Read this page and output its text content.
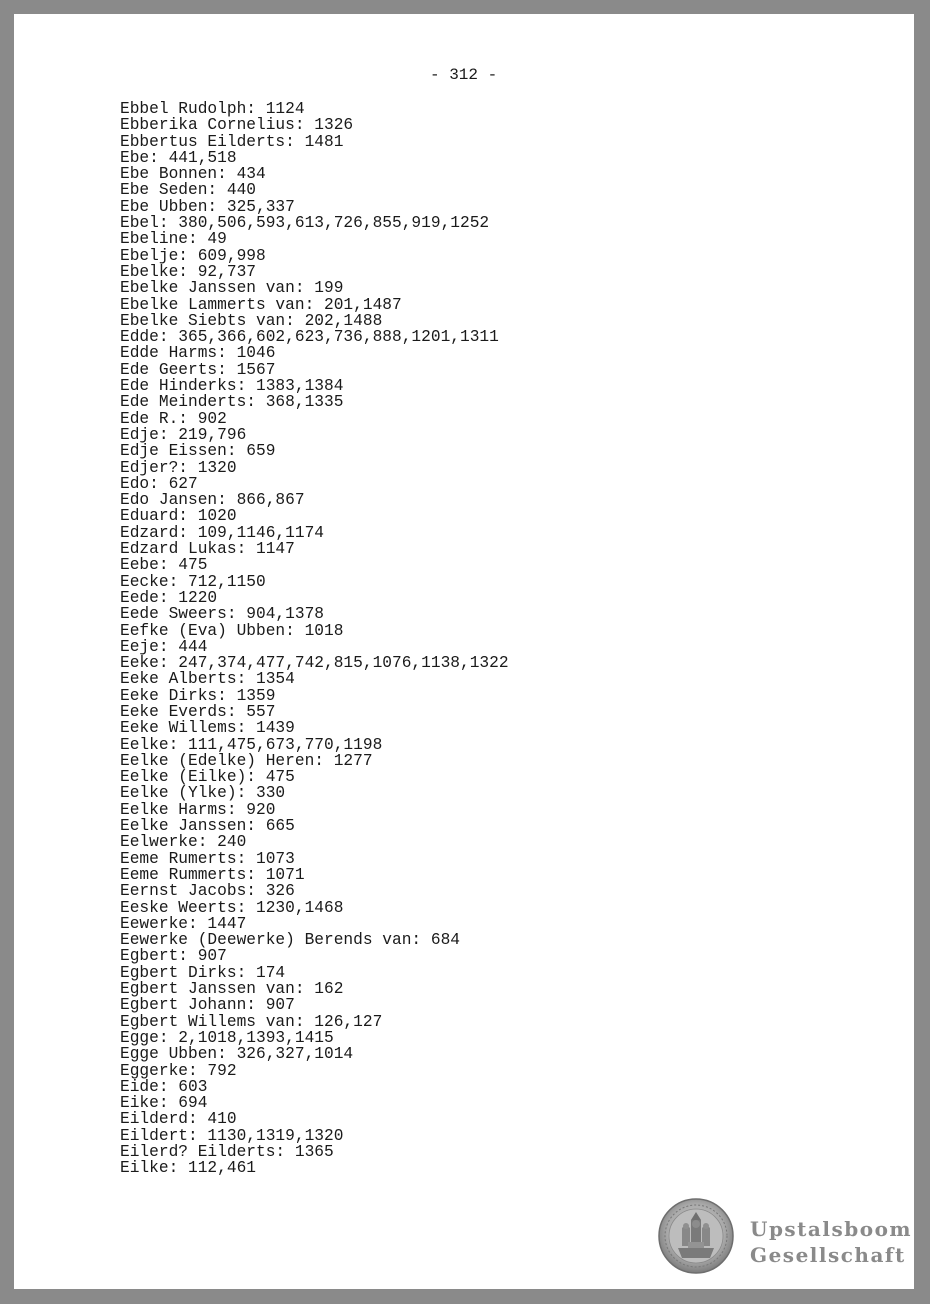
- 312 -
Ebbel Rudolph: 1124
Ebberika Cornelius: 1326
Ebbertus Eilderts: 1481
Ebe: 441,518
Ebe Bonnen: 434
Ebe Seden: 440
Ebe Ubben: 325,337
Ebel: 380,506,593,613,726,855,919,1252
Ebeline: 49
Ebelje: 609,998
Ebelke: 92,737
Ebelke Janssen van: 199
Ebelke Lammerts van: 201,1487
Ebelke Siebts van: 202,1488
Edde: 365,366,602,623,736,888,1201,1311
Edde Harms: 1046
Ede Geerts: 1567
Ede Hinderks: 1383,1384
Ede Meinderts: 368,1335
Ede R.: 902
Edje: 219,796
Edje Eissen: 659
Edjer?: 1320
Edo: 627
Edo Jansen: 866,867
Eduard: 1020
Edzard: 109,1146,1174
Edzard Lukas: 1147
Eebe: 475
Eecke: 712,1150
Eede: 1220
Eede Sweers: 904,1378
Eefke (Eva) Ubben: 1018
Eeje: 444
Eeke: 247,374,477,742,815,1076,1138,1322
Eeke Alberts: 1354
Eeke Dirks: 1359
Eeke Everds: 557
Eeke Willems: 1439
Eelke: 111,475,673,770,1198
Eelke (Edelke) Heren: 1277
Eelke (Eilke): 475
Eelke (Ylke): 330
Eelke Harms: 920
Eelke Janssen: 665
Eelwerke: 240
Eeme Rumerts: 1073
Eeme Rummerts: 1071
Eernst Jacobs: 326
Eeske Weerts: 1230,1468
Eewerke: 1447
Eewerke (Deewerke) Berends van: 684
Egbert: 907
Egbert Dirks: 174
Egbert Janssen van: 162
Egbert Johann: 907
Egbert Willems van: 126,127
Egge: 2,1018,1393,1415
Egge Ubben: 326,327,1014
Eggerke: 792
Eide: 603
Eike: 694
Eilderd: 410
Eildert: 1130,1319,1320
Eilerd? Eilderts: 1365
Eilke: 112,461
Upstalsboom
Gesellschaft
